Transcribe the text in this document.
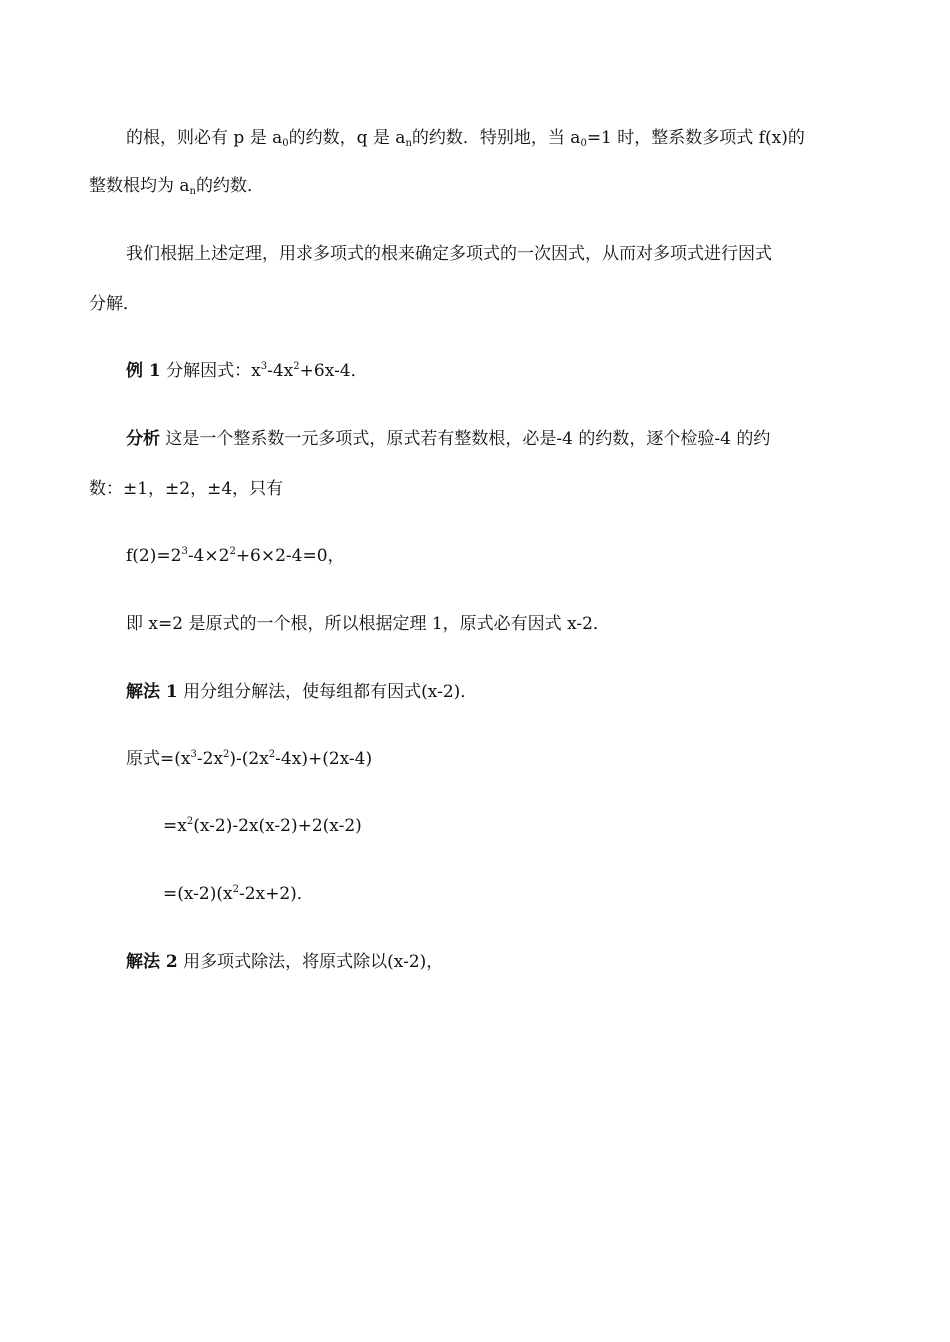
的根，则必有 p 是 $a_0$的约数，q 是 $a_n$的约数．特别地，当 $a_0=1$ 时，整系数多项式 f(x)的
整数根均为 $a_n$的约数．
我们根据上述定理，用求多项式的根来确定多项式的一次因式，从而对多项式进行因式
分解．
例 1 分解因式：$x^3-4x^2+6x-4$．
分析 这是一个整系数一元多项式，原式若有整数根，必是-4 的约数，逐个检验-4 的约
数：±1，±2，±4，只有
$f(2)=2^3-4\times 2^2+6\times 2-4=0$，
即 x=2 是原式的一个根，所以根据定理 1，原式必有因式 x-2．
解法 1 用分组分解法，使每组都有因式(x-2)．
原式$=(x^3-2x^2)-(2x^2-4x)+(2x-4)$
$=x^2(x-2)-2x(x-2)+2(x-2)$
$=(x-2)(x^2-2x+2)$．
解法 2 用多项式除法，将原式除以(x-2)，
